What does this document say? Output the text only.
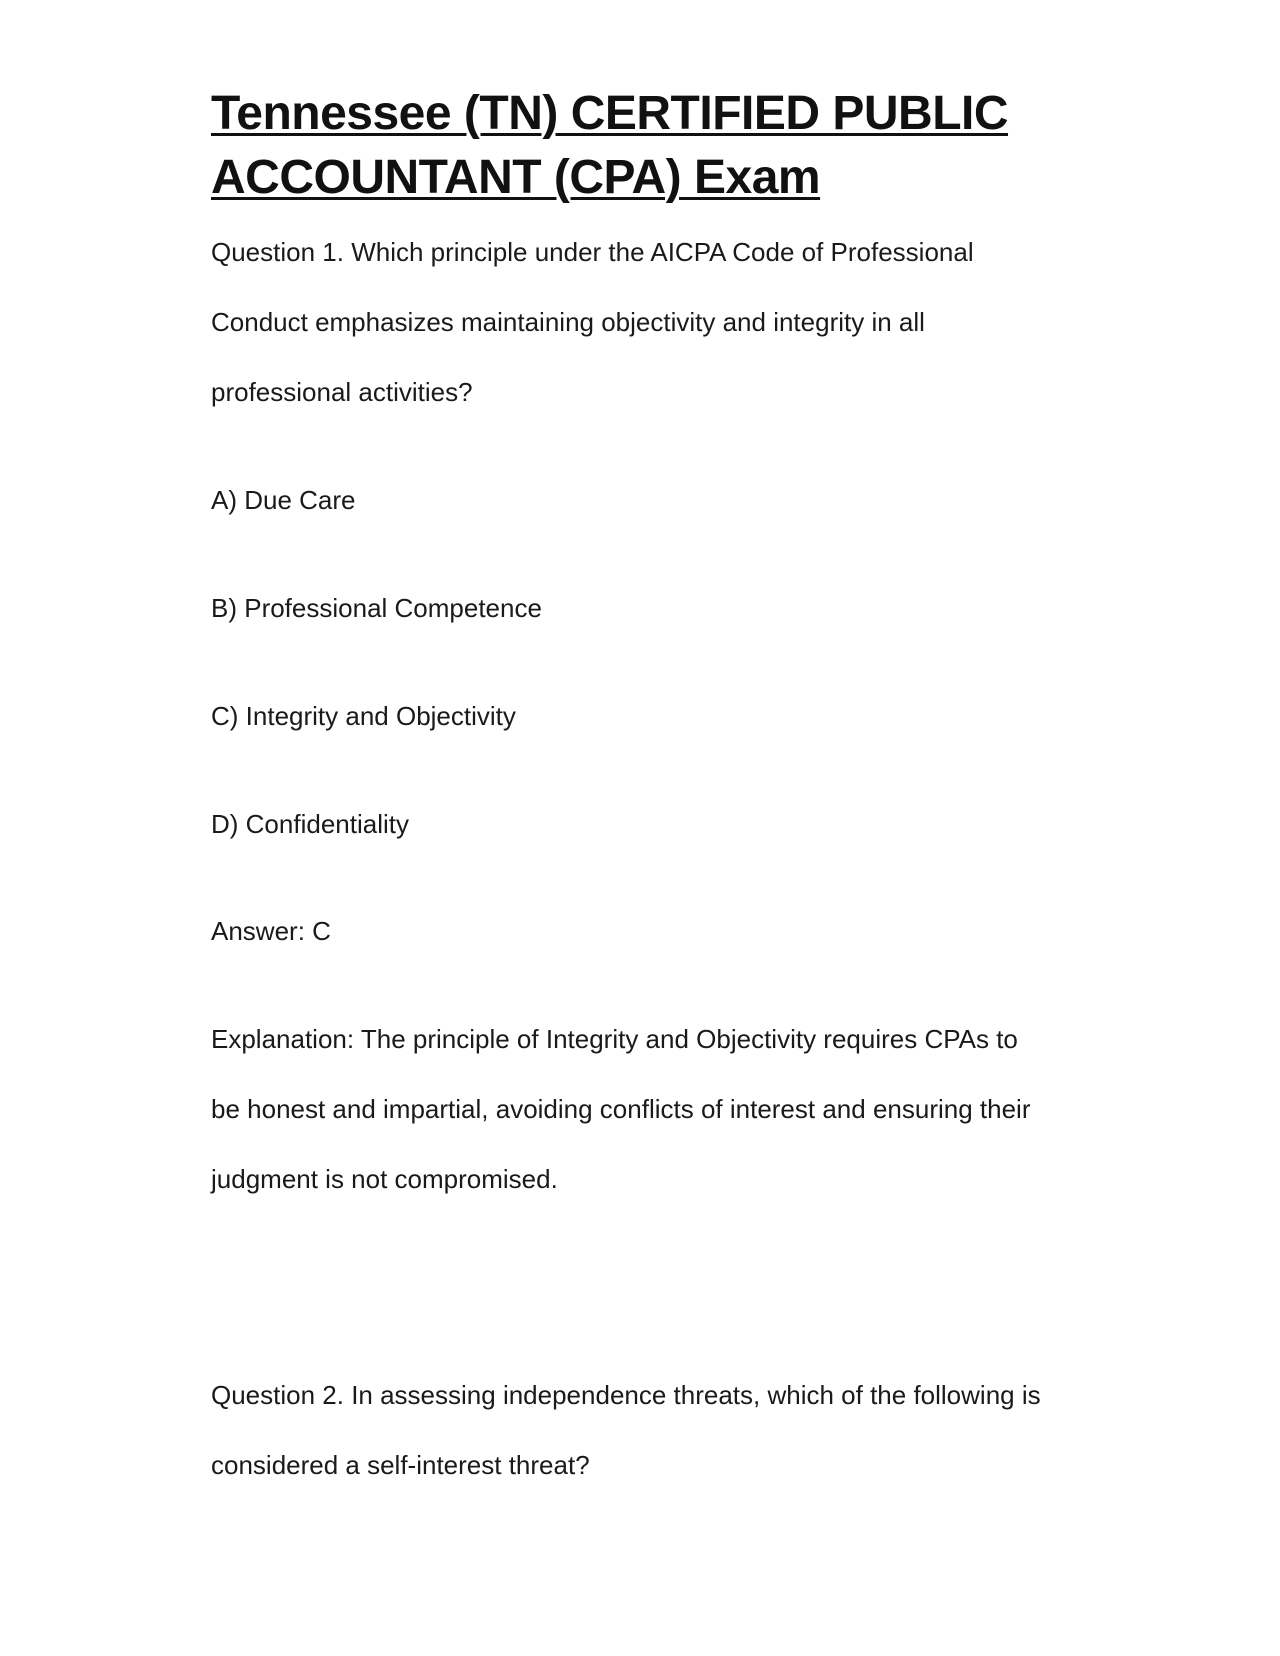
Tennessee (TN) CERTIFIED PUBLIC
ACCOUNTANT (CPA) Exam

Question 1. Which principle under the AICPA Code of Professional

Conduct emphasizes maintaining objectivity and integrity in all

professional activities?

A) Due Care

B) Professional Competence

C) Integrity and Objectivity

D) Confidentiality

Answer: C

Explanation: The principle of Integrity and Objectivity requires CPAs to

be honest and impartial, avoiding conflicts of interest and ensuring their

judgment is not compromised.

Question 2. In assessing independence threats, which of the following is

considered a self-interest threat?
